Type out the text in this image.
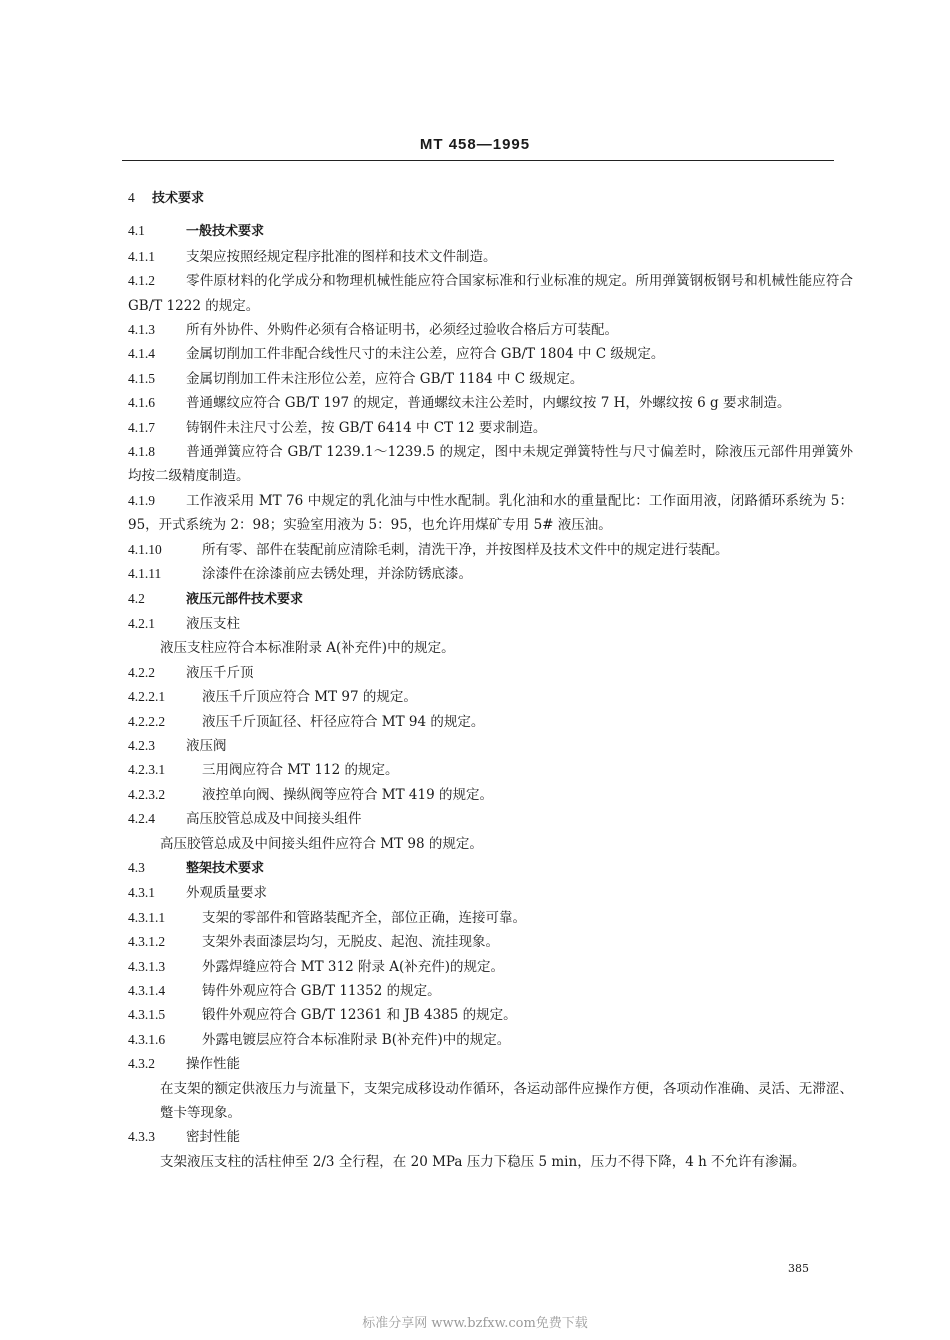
MT 458—1995
4 技术要求
4.1	一般技术要求
4.1.1 支架应按照经规定程序批准的图样和技术文件制造。
4.1.2 零件原材料的化学成分和物理机械性能应符合国家标准和行业标准的规定。所用弹簧钢板钢号和机械性能应符合 GB/T 1222 的规定。
4.1.3 所有外协件、外购件必须有合格证明书，必须经过验收合格后方可装配。
4.1.4 金属切削加工件非配合线性尺寸的未注公差，应符合 GB/T 1804 中 C 级规定。
4.1.5 金属切削加工件未注形位公差，应符合 GB/T 1184 中 C 级规定。
4.1.6 普通螺纹应符合 GB/T 197 的规定，普通螺纹未注公差时，内螺纹按 7 H，外螺纹按 6 g 要求制造。
4.1.7 铸钢件未注尺寸公差，按 GB/T 6414 中 CT 12 要求制造。
4.1.8 普通弹簧应符合 GB/T 1239.1～1239.5 的规定，图中未规定弹簧特性与尺寸偏差时，除液压元部件用弹簧外均按二级精度制造。
4.1.9 工作液采用 MT 76 中规定的乳化油与中性水配制。乳化油和水的重量配比：工作面用液，闭路循环系统为 5：95，开式系统为 2：98；实验室用液为 5：95，也允许用煤矿专用 5# 液压油。
4.1.10	所有零、部件在装配前应清除毛刺，清洗干净，并按图样及技术文件中的规定进行装配。
4.1.11	涂漆件在涂漆前应去锈处理，并涂防锈底漆。
4.2	液压元部件技术要求
4.2.1 液压支柱
液压支柱应符合本标准附录 A(补充件)中的规定。
4.2.2 液压千斤顶
4.2.2.1	液压千斤顶应符合 MT 97 的规定。
4.2.2.2	液压千斤顶缸径、杆径应符合 MT 94 的规定。
4.2.3 液压阀
4.2.3.1	三用阀应符合 MT 112 的规定。
4.2.3.2	液控单向阀、操纵阀等应符合 MT 419 的规定。
4.2.4 高压胶管总成及中间接头组件
高压胶管总成及中间接头组件应符合 MT 98 的规定。
4.3	整架技术要求
4.3.1 外观质量要求
4.3.1.1	支架的零部件和管路装配齐全，部位正确，连接可靠。
4.3.1.2	支架外表面漆层均匀，无脱皮、起泡、流挂现象。
4.3.1.3	外露焊缝应符合 MT 312 附录 A(补充件)的规定。
4.3.1.4	铸件外观应符合 GB/T 11352 的规定。
4.3.1.5	锻件外观应符合 GB/T 12361 和 JB 4385 的规定。
4.3.1.6	外露电镀层应符合本标准附录 B(补充件)中的规定。
4.3.2 操作性能
在支架的额定供液压力与流量下，支架完成移设动作循环，各运动部件应操作方便，各项动作准确、灵活、无滞涩、蹩卡等现象。
4.3.3 密封性能
支架液压支柱的活柱伸至 2/3 全行程，在 20 MPa 压力下稳压 5 min，压力不得下降，4 h 不允许有渗漏。
385
标准分享网 www.bzfxw.com免费下载
